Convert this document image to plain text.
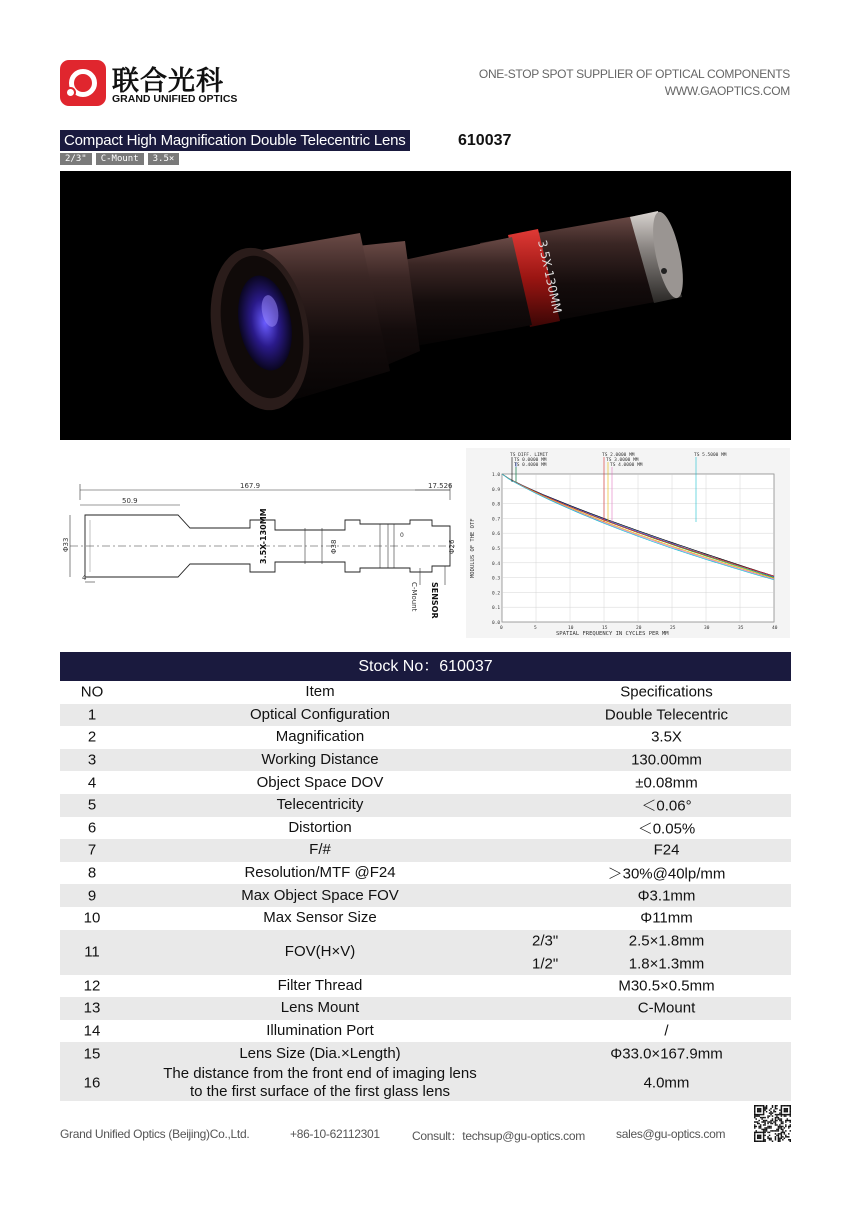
联合光科
GRAND UNIFIED OPTICS
ONE-STOP SPOT SUPPLIER OF OPTICAL COMPONENTS
WWW.GAOPTICS.COM
Compact High Magnification Double Telecentric Lens	610037
2/3"	C-Mount	3.5×
3.5X-130MM
167.9
50.9
17.526
Φ33	Φ38	Φ26
3.5X-130MM	0
4
SENSOR
C-Mount
TS DIFF. LIMIT
TS 0.0000 MM
TS 0.4000 MM
TS 2.0000 MM
TS 3.0000 MM
TS 4.0000 MM
TS 5.5000 MM
1.0
0.9
0.8
0.7
0.6
0.5
0.4
0.3
0.2
0.1
0.0
0	5	10	15	20	25	30	35	40
MODULUS OF THE OTF
SPATIAL FREQUENCY IN CYCLES PER MM
Stock No：610037
NO	Item	Specifications
1	Optical Configuration	Double Telecentric
2	Magnification	3.5X
3	Working Distance	130.00mm
4	Object Space DOV	±0.08mm
5	Telecentricity	＜0.06°
6	Distortion	＜0.05%
7	F/#	F24
8	Resolution/MTF @F24	＞30%@40lp/mm
9	Max Object Space FOV	Φ3.1mm
10	Max Sensor Size	Φ11mm
11	FOV(H×V)
2/3"	2.5×1.8mm
1/2"	1.8×1.3mm
12	Filter Thread	M30.5×0.5mm
13	Lens Mount	C-Mount
14	Illumination Port	/
15	Lens Size (Dia.×Length)	Φ33.0×167.9mm
16
The distance from the front end of imaging lens
to the first surface of the first glass lens	4.0mm
Grand Unified Optics (Beijing)Co.,Ltd.	+86-10-62112301	Consult：techsup@gu-optics.com	sales@gu-optics.com
